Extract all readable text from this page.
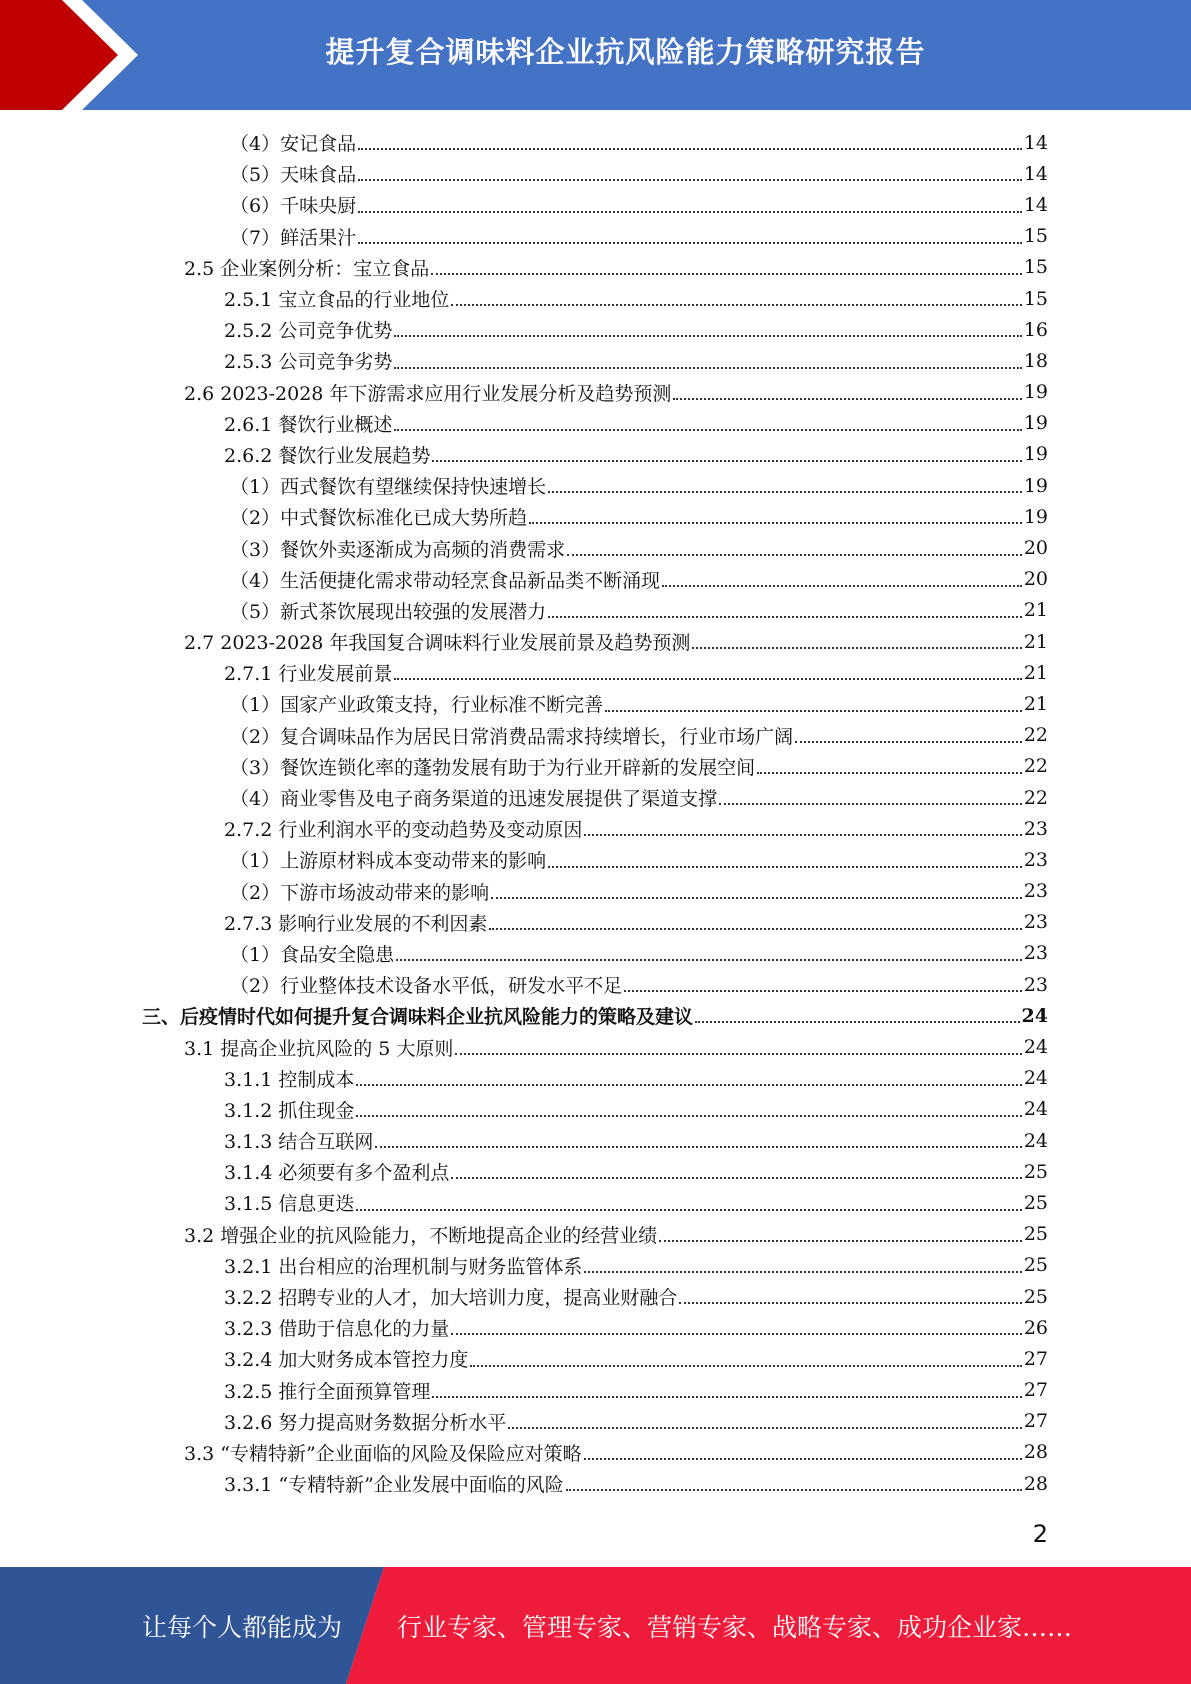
提升复合调味料企业抗风险能力策略研究报告
（4）安记食品	14
（5）天味食品	14
（6）千味央厨	14
（7）鲜活果汁	15
2.5 企业案例分析：宝立食品	15
2.5.1 宝立食品的行业地位	15
2.5.2 公司竞争优势	16
2.5.3 公司竞争劣势	18
2.6 2023-2028 年下游需求应用行业发展分析及趋势预测	19
2.6.1 餐饮行业概述	19
2.6.2 餐饮行业发展趋势	19
（1）西式餐饮有望继续保持快速增长	19
（2）中式餐饮标准化已成大势所趋	19
（3）餐饮外卖逐渐成为高频的消费需求	20
（4）生活便捷化需求带动轻烹食品新品类不断涌现	20
（5）新式茶饮展现出较强的发展潜力	21
2.7 2023-2028 年我国复合调味料行业发展前景及趋势预测	21
2.7.1 行业发展前景	21
（1）国家产业政策支持，行业标准不断完善	21
（2）复合调味品作为居民日常消费品需求持续增长，行业市场广阔	22
（3）餐饮连锁化率的蓬勃发展有助于为行业开辟新的发展空间	22
（4）商业零售及电子商务渠道的迅速发展提供了渠道支撑	22
2.7.2 行业利润水平的变动趋势及变动原因	23
（1）上游原材料成本变动带来的影响	23
（2）下游市场波动带来的影响	23
2.7.3 影响行业发展的不利因素	23
（1）食品安全隐患	23
（2）行业整体技术设备水平低，研发水平不足	23
三、后疫情时代如何提升复合调味料企业抗风险能力的策略及建议	24
3.1 提高企业抗风险的 5 大原则	24
3.1.1 控制成本	24
3.1.2 抓住现金	24
3.1.3 结合互联网	24
3.1.4 必须要有多个盈利点	25
3.1.5 信息更迭	25
3.2 增强企业的抗风险能力，不断地提高企业的经营业绩	25
3.2.1 出台相应的治理机制与财务监管体系	25
3.2.2 招聘专业的人才，加大培训力度，提高业财融合	25
3.2.3 借助于信息化的力量	26
3.2.4 加大财务成本管控力度	27
3.2.5 推行全面预算管理	27
3.2.6 努力提高财务数据分析水平	27
3.3 “专精特新”企业面临的风险及保险应对策略	28
3.3.1 “专精特新”企业发展中面临的风险	28
2
让每个人都能成为 行业专家、管理专家、营销专家、战略专家、成功企业家……
